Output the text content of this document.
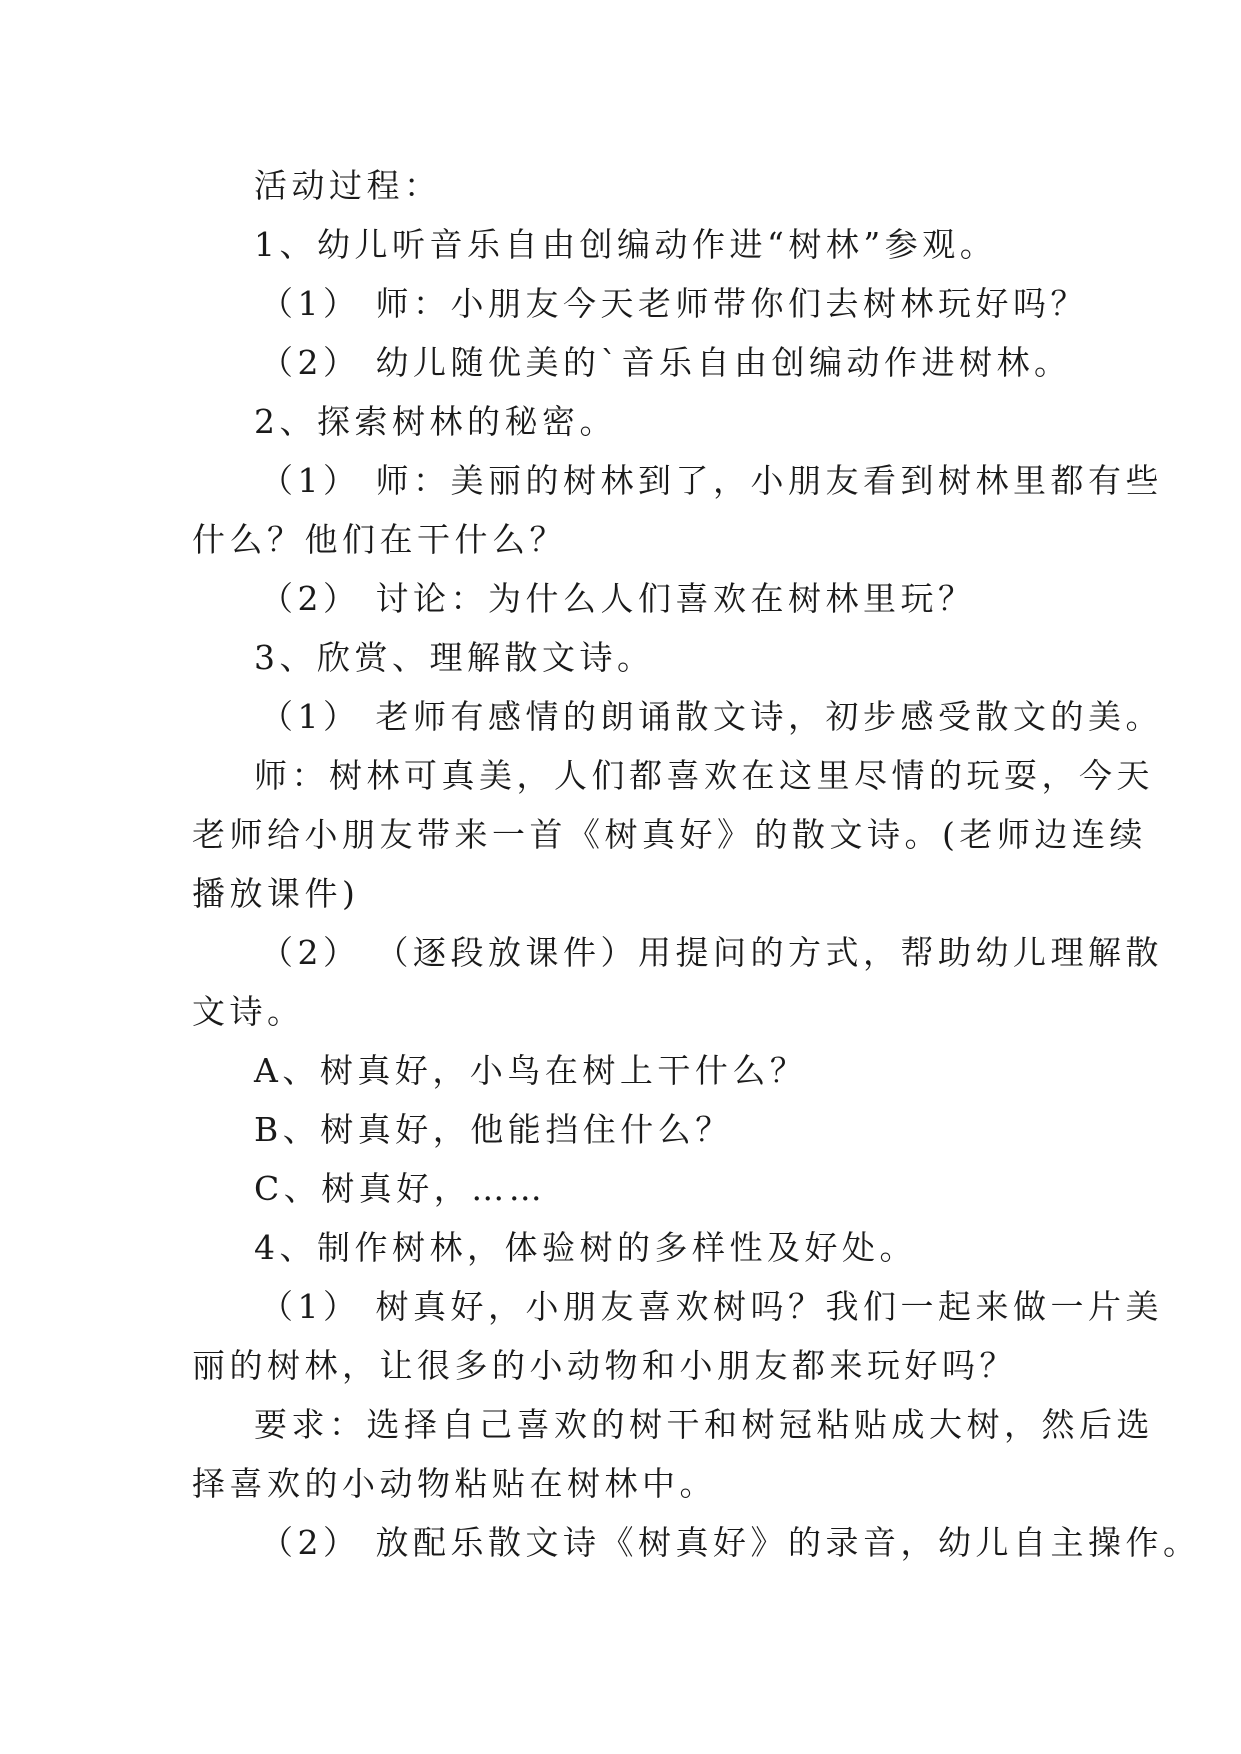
活动过程：
1、幼儿听音乐自由创编动作进“树林”参观。
（1） 师：小朋友今天老师带你们去树林玩好吗？
（2） 幼儿随优美的`音乐自由创编动作进树林。
2、探索树林的秘密。
（1） 师：美丽的树林到了，小朋友看到树林里都有些
什么？他们在干什么？
（2） 讨论：为什么人们喜欢在树林里玩？
3、欣赏、理解散文诗。
（1） 老师有感情的朗诵散文诗，初步感受散文的美。
师：树林可真美，人们都喜欢在这里尽情的玩耍，今天
老师给小朋友带来一首《树真好》的散文诗。(老师边连续
播放课件)
（2） （逐段放课件）用提问的方式，帮助幼儿理解散
文诗。
A、树真好，小鸟在树上干什么？
B、树真好，他能挡住什么？
C、树真好，……
4、制作树林，体验树的多样性及好处。
（1） 树真好，小朋友喜欢树吗？我们一起来做一片美
丽的树林，让很多的小动物和小朋友都来玩好吗？
要求：选择自己喜欢的树干和树冠粘贴成大树，然后选
择喜欢的小动物粘贴在树林中。
（2） 放配乐散文诗《树真好》的录音，幼儿自主操作。
